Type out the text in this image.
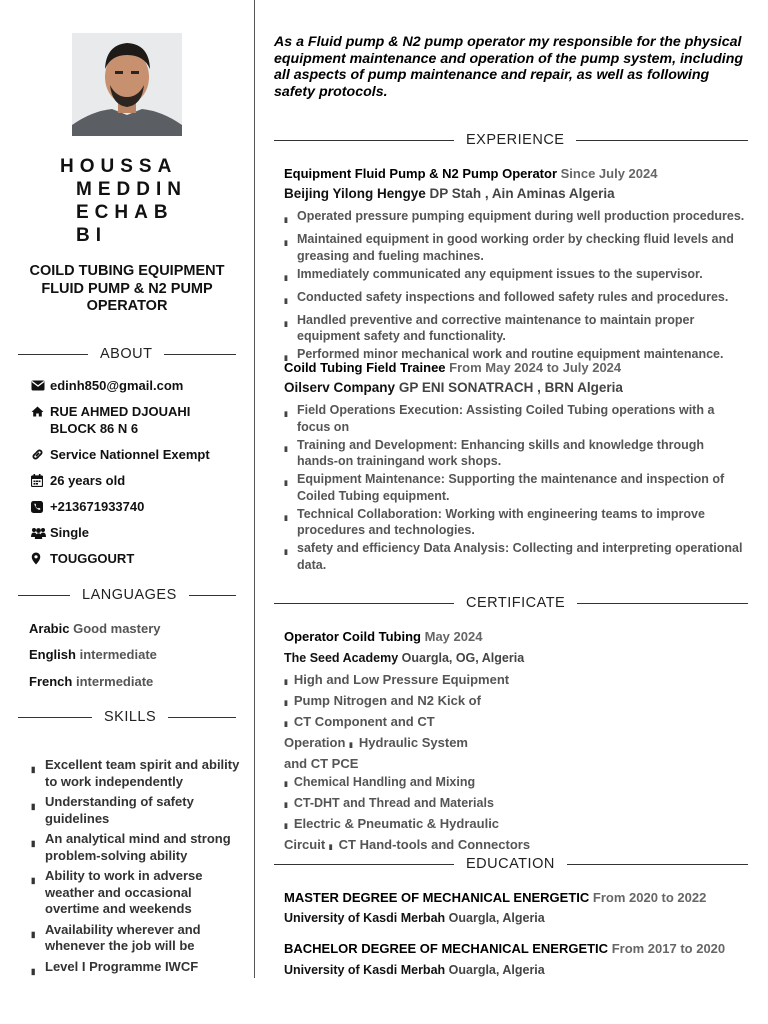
HOUSSA
MEDDIN
ECHAB
BI
COILD TUBING EQUIPMENT FLUID PUMP & N2 PUMP OPERATOR
ABOUT
edinh850@gmail.com
RUE AHMED DJOUAHI BLOCK 86 N 6
Service Nationnel Exempt
26 years old
+213671933740
Single
TOUGGOURT
LANGUAGES
Arabic Good mastery
English intermediate
French intermediate
SKILLS
▮ Excellent team spirit and ability to work independently
▮ Understanding of safety guidelines
▮ An analytical mind and strong problem-solving ability
▮ Ability to work in adverse weather and occasional overtime and weekends
▮ Availability wherever and whenever the job will be
▮ Level I Programme IWCF
As a Fluid pump & N2 pump operator my responsible for the physical equipment maintenance and operation of the pump system, including all aspects of pump maintenance and repair, as well as following safety protocols.
EXPERIENCE
Equipment Fluid Pump & N2 Pump Operator Since July 2024
Beijing Yilong Hengye DP Stah , Ain Aminas Algeria
▮ Operated pressure pumping equipment during well production procedures.
▮ Maintained equipment in good working order by checking fluid levels and greasing and fueling machines.
▮ Immediately communicated any equipment issues to the supervisor.
▮ Conducted safety inspections and followed safety rules and procedures.
▮ Handled preventive and corrective maintenance to maintain proper equipment safety and functionality.
▮ Performed minor mechanical work and routine equipment maintenance.
Coild Tubing Field Trainee From May 2024 to July 2024
Oilserv Company GP ENI SONATRACH , BRN Algeria
▮ Field Operations Execution: Assisting Coiled Tubing operations with a focus on
▮ Training and Development: Enhancing skills and knowledge through hands-on trainingand work shops.
▮ Equipment Maintenance: Supporting the maintenance and inspection of Coiled Tubing equipment.
▮ Technical Collaboration: Working with engineering teams to improve procedures and technologies.
▮ safety and efficiency Data Analysis: Collecting and interpreting operational data.
CERTIFICATE
Operator Coild Tubing May 2024
The Seed Academy Ouargla, OG, Algeria
▮ High and Low Pressure Equipment
▮ Pump Nitrogen and N2 Kick of
▮ CT Component and CT
Operation ▮ Hydraulic System
and CT PCE
▮ Chemical Handling and Mixing
▮ CT-DHT and Thread and Materials
▮ Electric & Pneumatic & Hydraulic
Circuit ▮ CT Hand-tools and Connectors
EDUCATION
MASTER DEGREE OF MECHANICAL ENERGETIC From 2020 to 2022
University of Kasdi Merbah Ouargla, Algeria
BACHELOR DEGREE OF MECHANICAL ENERGETIC From 2017 to 2020
University of Kasdi Merbah Ouargla, Algeria
